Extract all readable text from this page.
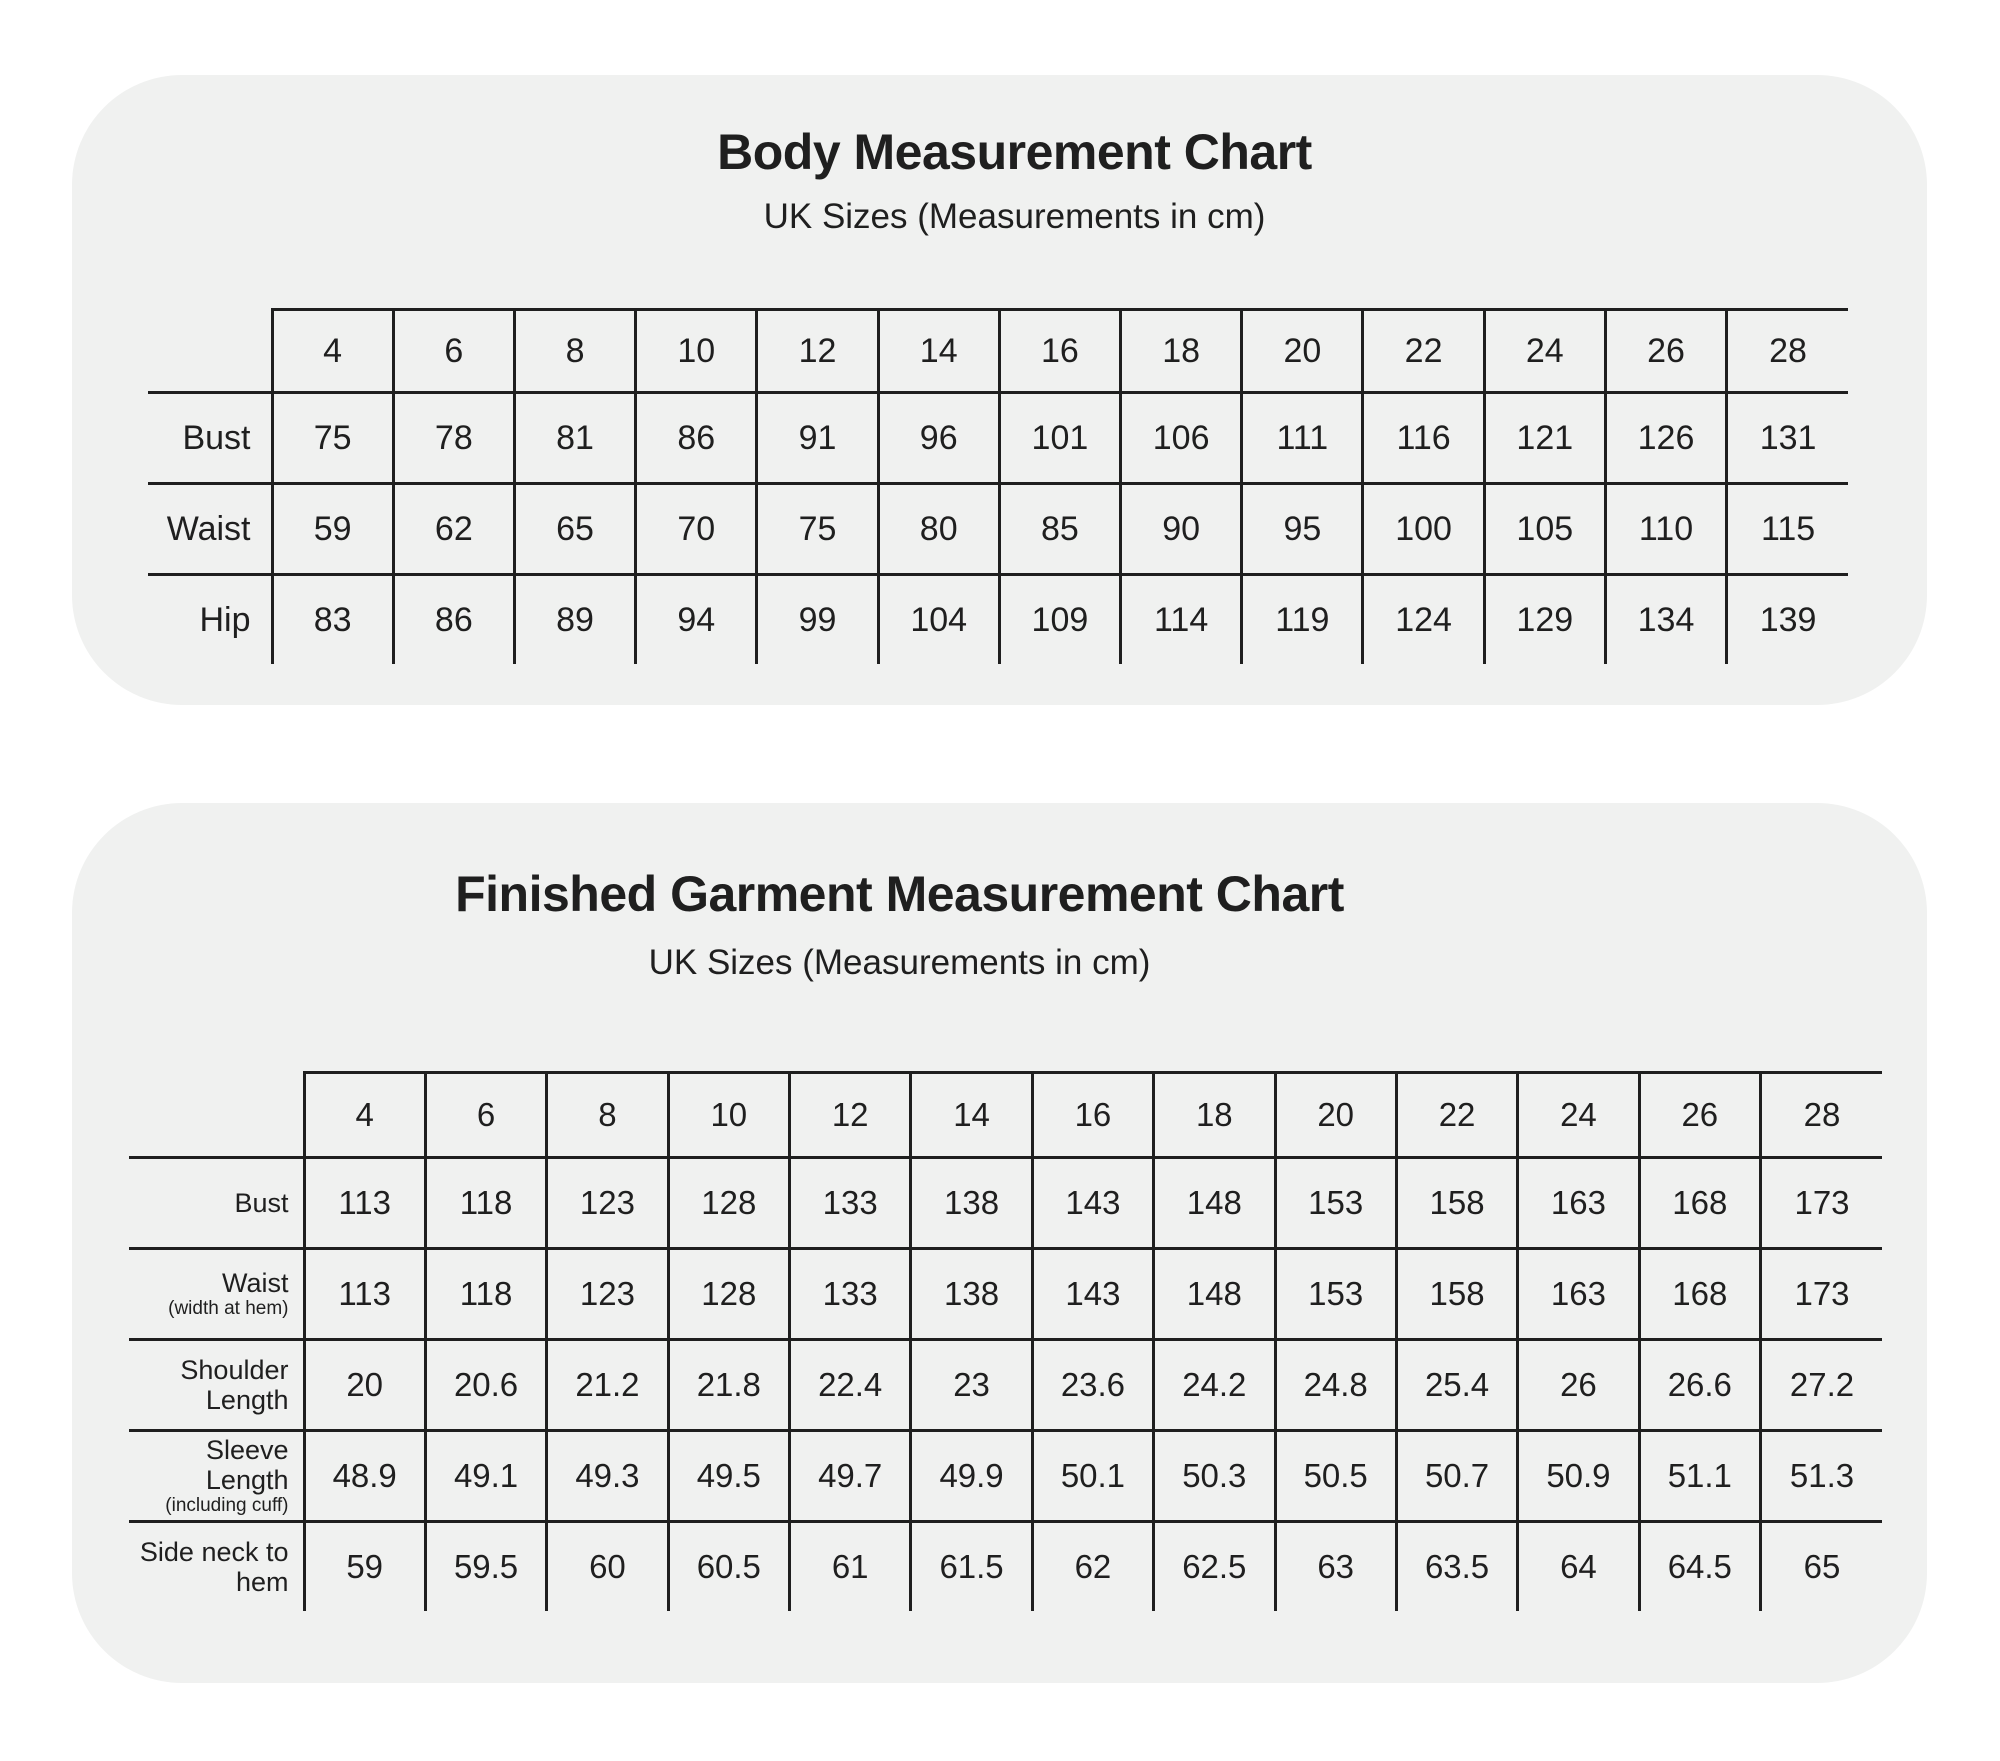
Body Measurement Chart
UK Sizes (Measurements in cm)
	4	6	8	10	12	14	16	18	20	22	24	26	28

Bust	75	78	81	86	91	96	101	106	111	116	121	126	131

Waist	59	62	65	70	75	80	85	90	95	100	105	110	115

Hip	83	86	89	94	99	104	109	114	119	124	129	134	139
Finished Garment Measurement Chart
UK Sizes (Measurements in cm)
	4	6	8	10	12	14	16	18	20	22	24	26	28

Bust	113	118	123	128	133	138	143	148	153	158	163	168	173

Waist
(width at hem)	113	118	123	128	133	138	143	148	153	158	163	168	173

Shoulder Length	20	20.6	21.2	21.8	22.4	23	23.6	24.2	24.8	25.4	26	26.6	27.2

Sleeve Length
(including cuff)	48.9	49.1	49.3	49.5	49.7	49.9	50.1	50.3	50.5	50.7	50.9	51.1	51.3

Side neck to hem	59	59.5	60	60.5	61	61.5	62	62.5	63	63.5	64	64.5	65
